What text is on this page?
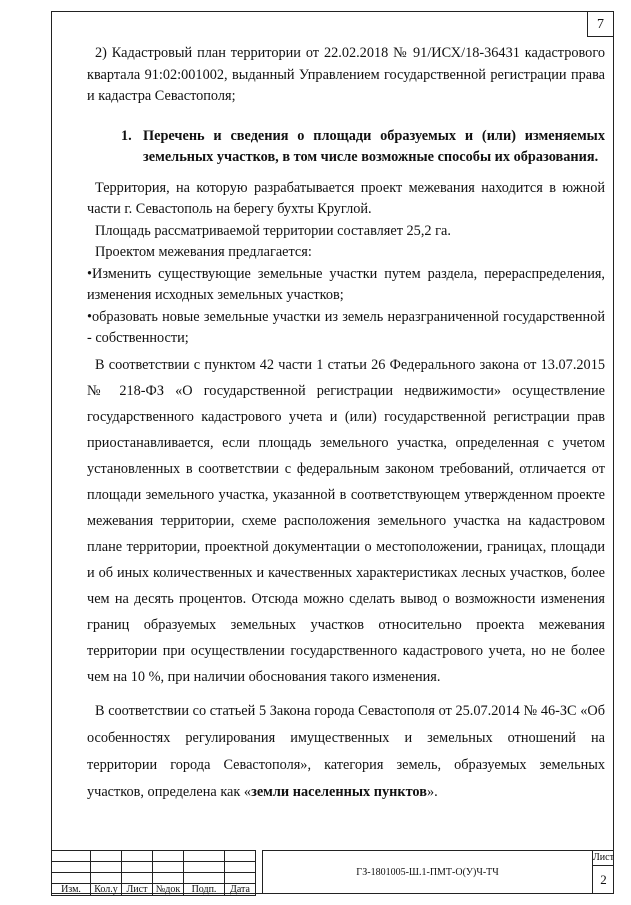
7

2) Кадастровый план территории от 22.02.2018 № 91/ИСХ/18-36431 кадастрового квартала 91:02:001002, выданный Управлением государственной регистрации права и кадастра Севастополя;

1. Перечень и сведения о площади образуемых и (или) изменяемых земельных участков, в том числе возможные способы их образования.

Территория, на которую разрабатывается проект межевания находится в южной части г. Севастополь на берегу бухты Круглой.

Площадь рассматриваемой территории составляет 25,2 га.

Проектом межевания предлагается:

•Изменить существующие земельные участки путем раздела, перераспределения, изменения исходных земельных участков;

•образовать новые земельные участки из земель неразграниченной государственной - собственности;

В соответствии с пунктом 42 части 1 статьи 26 Федерального закона от 13.07.2015 № 218-ФЗ «О государственной регистрации недвижимости» осуществление государственного кадастрового учета и (или) государственной регистрации прав приостанавливается, если площадь земельного участка, определенная с учетом установленных в соответствии с федеральным законом требований, отличается от площади земельного участка, указанной в соответствующем утвержденном проекте межевания территории, схеме расположения земельного участка на кадастровом плане территории, проектной документации о местоположении, границах, площади и об иных количественных и качественных характеристиках лесных участков, более чем на десять процентов. Отсюда можно сделать вывод о возможности изменения границ образуемых земельных участков относительно проекта межевания территории при осуществлении государственного кадастрового учета, но не более чем на 10 %, при наличии обоснования такого изменения.

В соответствии со статьей 5 Закона города Севастополя от 25.07.2014 № 46-ЗС «Об особенностях регулирования имущественных и земельных отношений на территории города Севастополя», категория земель, образуемых земельных участков, определена как «земли населенных пунктов».

Изм.	Кол.у	Лист	№док	Подп.	Дата
ГЗ-1801005-Ш.1-ПМТ-О(У)Ч-ТЧ
Лист
2
